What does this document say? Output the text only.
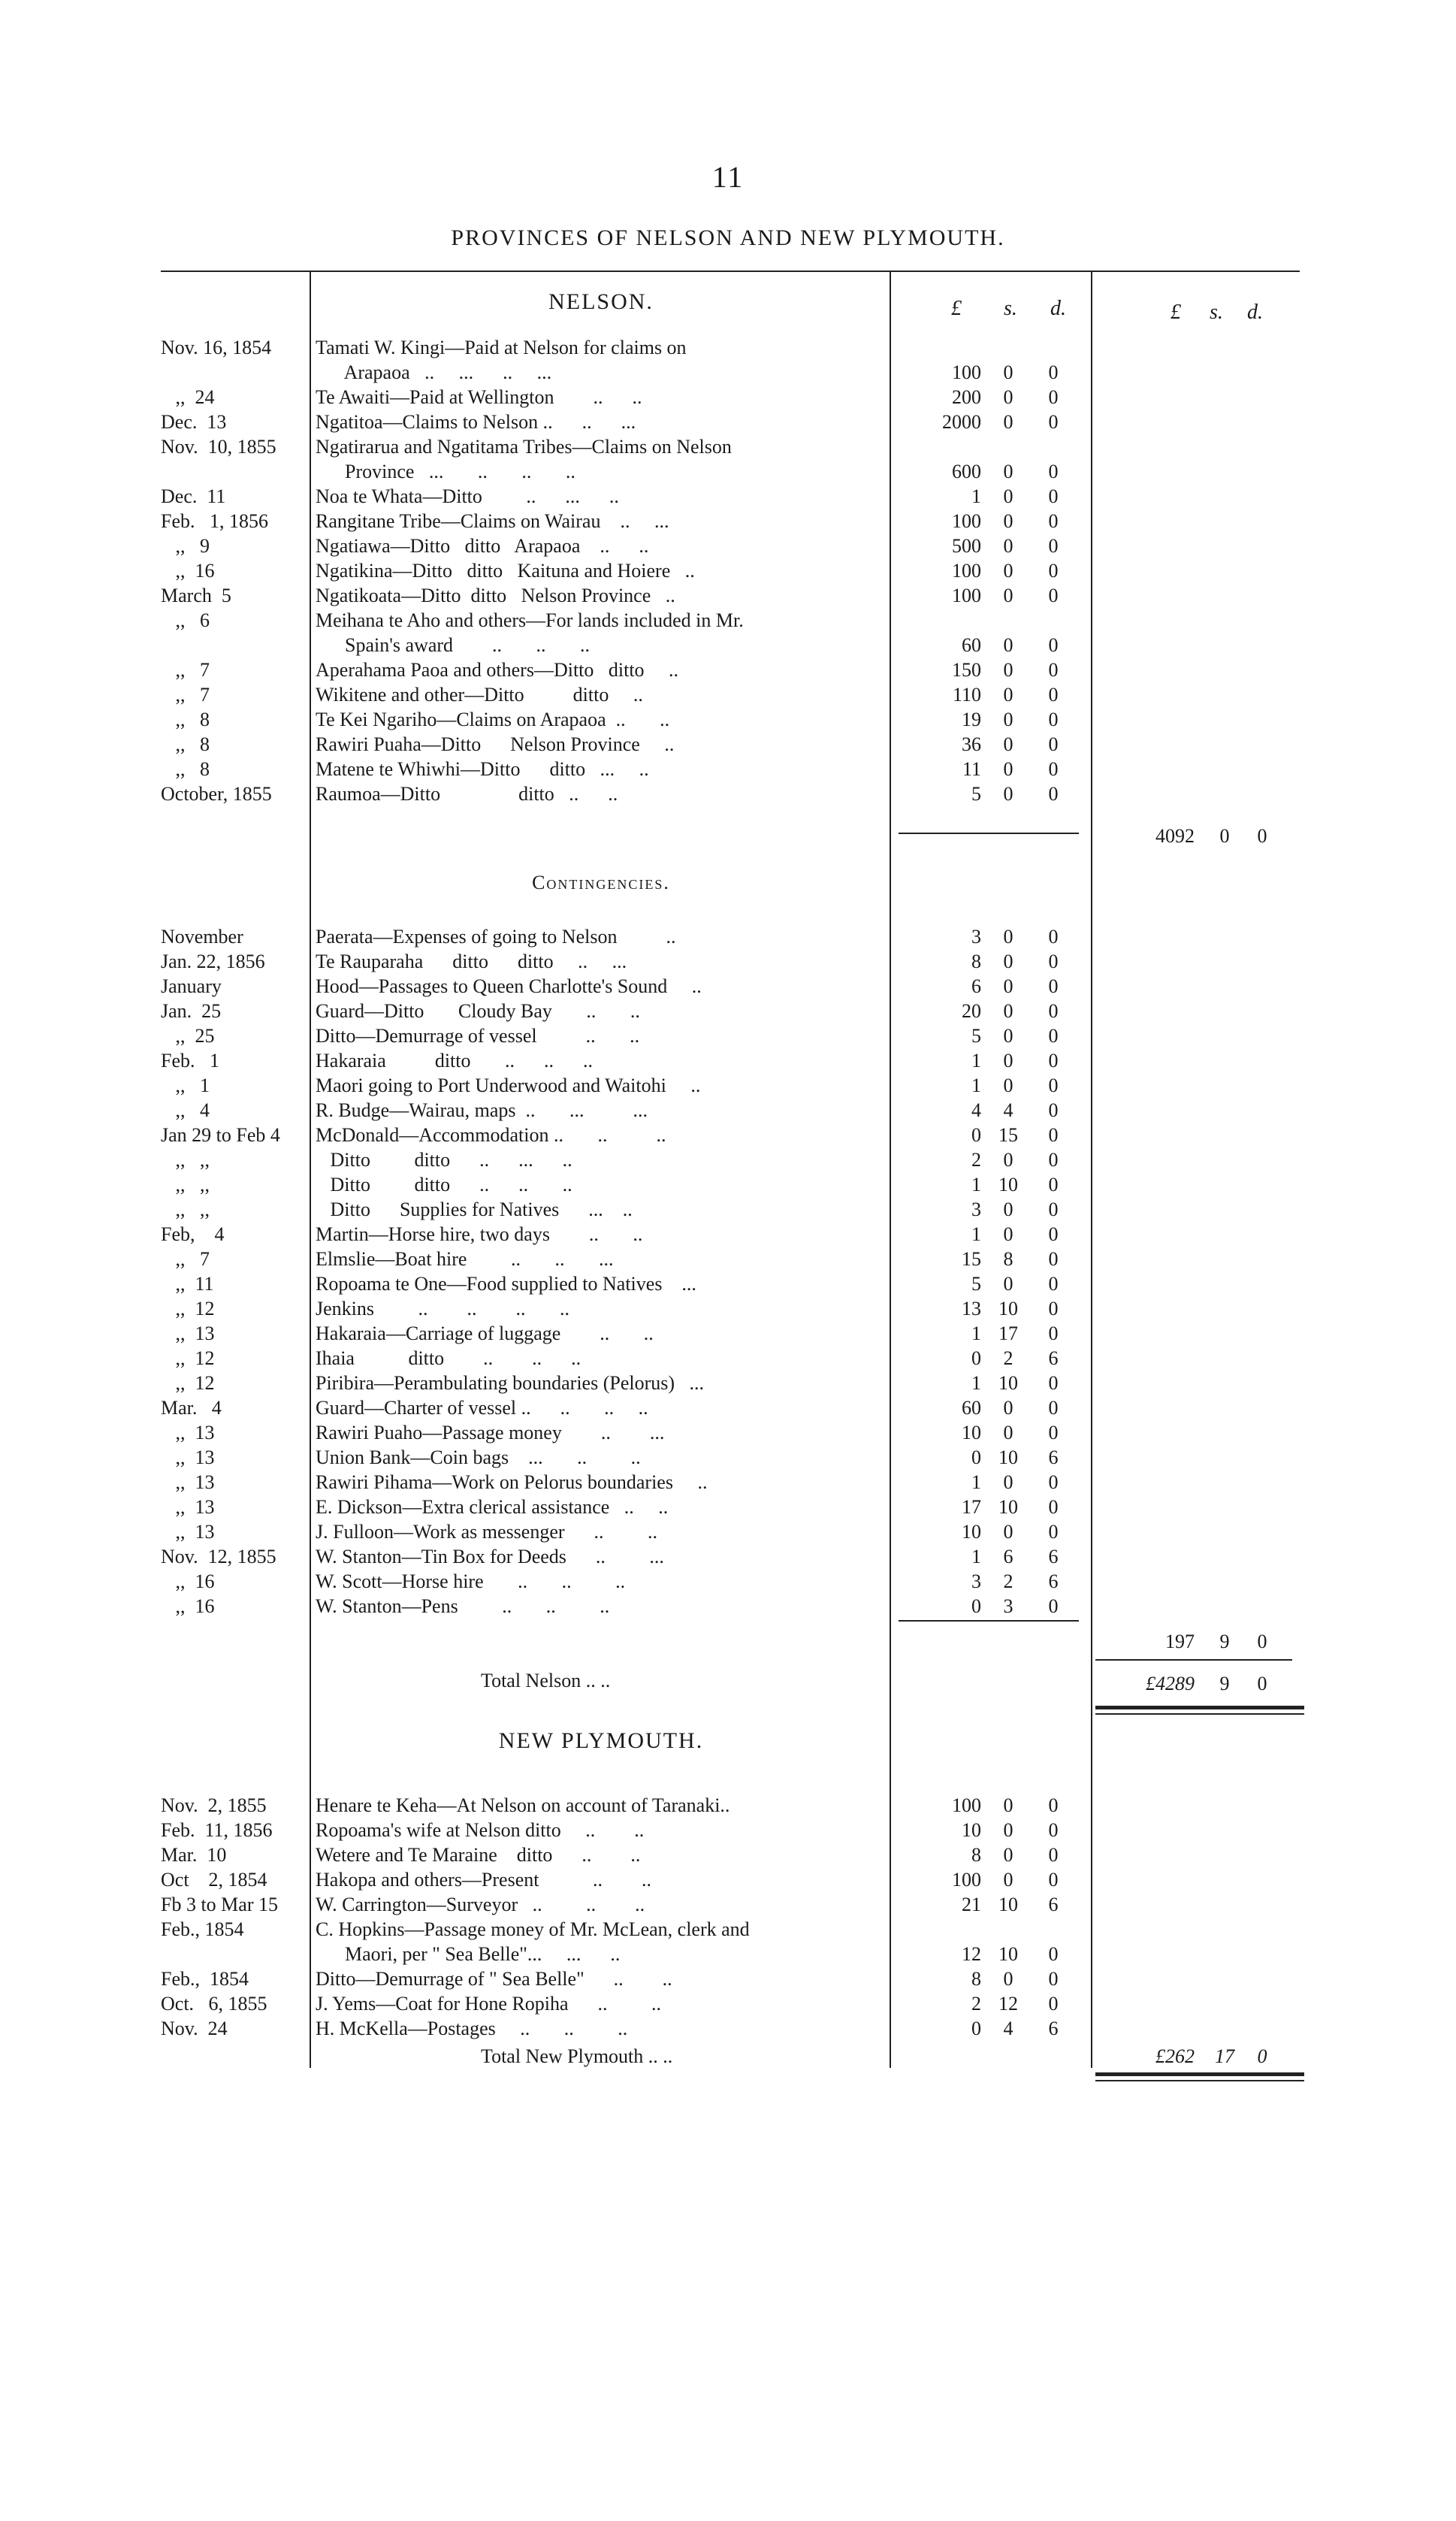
11
PROVINCES OF NELSON AND NEW PLYMOUTH.
NELSON.	£ s. d.	£ s. d.
Nov. 16, 1854	Tamati W. Kingi—Paid at Nelson for claims on
Arapaoa   ..     ...      ..     ...	100	0	0
,,  24	Te Awaiti—Paid at Wellington        ..      ..	200	0	0
Dec.  13	Ngatitoa—Claims to Nelson ..      ..      ...	2000	0	0
Nov.  10, 1855	Ngatirarua and Ngatitama Tribes—Claims on Nelson
Province   ...       ..       ..       ..	600	0	0
Dec.  11	Noa te Whata—Ditto         ..      ...      ..	1	0	0
Feb.   1, 1856	Rangitane Tribe—Claims on Wairau    ..     ...	100	0	0
,,   9	Ngatiawa—Ditto   ditto   Arapaoa    ..      ..	500	0	0
,,  16	Ngatikina—Ditto   ditto   Kaituna and Hoiere   ..	100	0	0
March  5	Ngatikoata—Ditto  ditto   Nelson Province   ..	100	0	0
,,   6	Meihana te Aho and others—For lands included in Mr.
Spain's award        ..       ..       ..	60	0	0
,,   7	Aperahama Paoa and others—Ditto   ditto     ..	150	0	0
,,   7	Wikitene and other—Ditto          ditto     ..	110	0	0
,,   8	Te Kei Ngariho—Claims on Arapaoa  ..       ..	19	0	0
,,   8	Rawiri Puaha—Ditto      Nelson Province     ..	36	0	0
,,   8	Matene te Whiwhi—Ditto      ditto   ...     ..	11	0	0
October, 1855	Raumoa—Ditto                ditto   ..      ..	5	0	0
4092	0	0
Contingencies.
November	Paerata—Expenses of going to Nelson          ..	3	0	0
Jan. 22, 1856	Te Rauparaha      ditto      ditto     ..     ...	8	0	0
January	Hood—Passages to Queen Charlotte's Sound     ..	6	0	0
Jan.  25	Guard—Ditto       Cloudy Bay       ..       ..	20	0	0
,,  25	Ditto—Demurrage of vessel          ..       ..	5	0	0
Feb.   1	Hakaraia          ditto       ..      ..      ..	1	0	0
,,   1	Maori going to Port Underwood and Waitohi     ..	1	0	0
,,   4	R. Budge—Wairau, maps  ..       ...          ...	4	4	0
Jan 29 to Feb 4	McDonald—Accommodation ..       ..          ..	0 15	0
,,   ,,	Ditto         ditto      ..      ...      ..	2	0	0
,,   ,,	Ditto         ditto      ..      ..       ..	1 10	0
,,   ,,	Ditto      Supplies for Natives      ...    ..	3	0	0
Feb,    4	Martin—Horse hire, two days        ..       ..	1	0	0
,,   7	Elmslie—Boat hire         ..       ..       ...	15	8	0
,,  11	Ropoama te One—Food supplied to Natives    ...	5	0	0
,,  12	Jenkins         ..        ..        ..       ..	13 10	0
,,  13	Hakaraia—Carriage of luggage        ..       ..	1 17	0
,,  12	Ihaia           ditto        ..        ..      ..	0	2	6
,,  12	Piribira—Perambulating boundaries (Pelorus)   ...	1 10	0
Mar.   4	Guard—Charter of vessel ..      ..       ..     ..	60	0	0
,,  13	Rawiri Puaho—Passage money        ..        ...	10	0	0
,,  13	Union Bank—Coin bags    ...       ..         ..	0 10	6
,,  13	Rawiri Pihama—Work on Pelorus boundaries     ..	1	0	0
,,  13	E. Dickson—Extra clerical assistance   ..     ..	17 10	0
,,  13	J. Fulloon—Work as messenger      ..         ..	10	0	0
Nov.  12, 1855	W. Stanton—Tin Box for Deeds      ..         ...	1	6	6
,,  16	W. Scott—Horse hire       ..       ..         ..	3	2	6
,,  16	W. Stanton—Pens         ..       ..         ..	0	3	0
197	9	0
Total Nelson .. ..	£4289	9	0
NEW PLYMOUTH.
Nov.  2, 1855	Henare te Keha—At Nelson on account of Taranaki..	100	0	0
Feb.  11, 1856	Ropoama's wife at Nelson ditto     ..        ..	10	0	0
Mar.  10	Wetere and Te Maraine    ditto      ..        ..	8	0	0
Oct    2, 1854	Hakopa and others—Present           ..        ..	100	0	0
Fb 3 to Mar 15	W. Carrington—Surveyor   ..         ..        ..	21 10	6
Feb., 1854	C. Hopkins—Passage money of Mr. McLean, clerk and
Maori, per " Sea Belle"...     ...      ..	12 10	0
Feb.,  1854	Ditto—Demurrage of " Sea Belle"      ..        ..	8	0	0
Oct.   6, 1855	J. Yems—Coat for Hone Ropiha      ..         ..	2 12	0
Nov.  24	H. McKella—Postages     ..       ..         ..	0	4	6
Total New Plymouth .. ..	£262 17	0
